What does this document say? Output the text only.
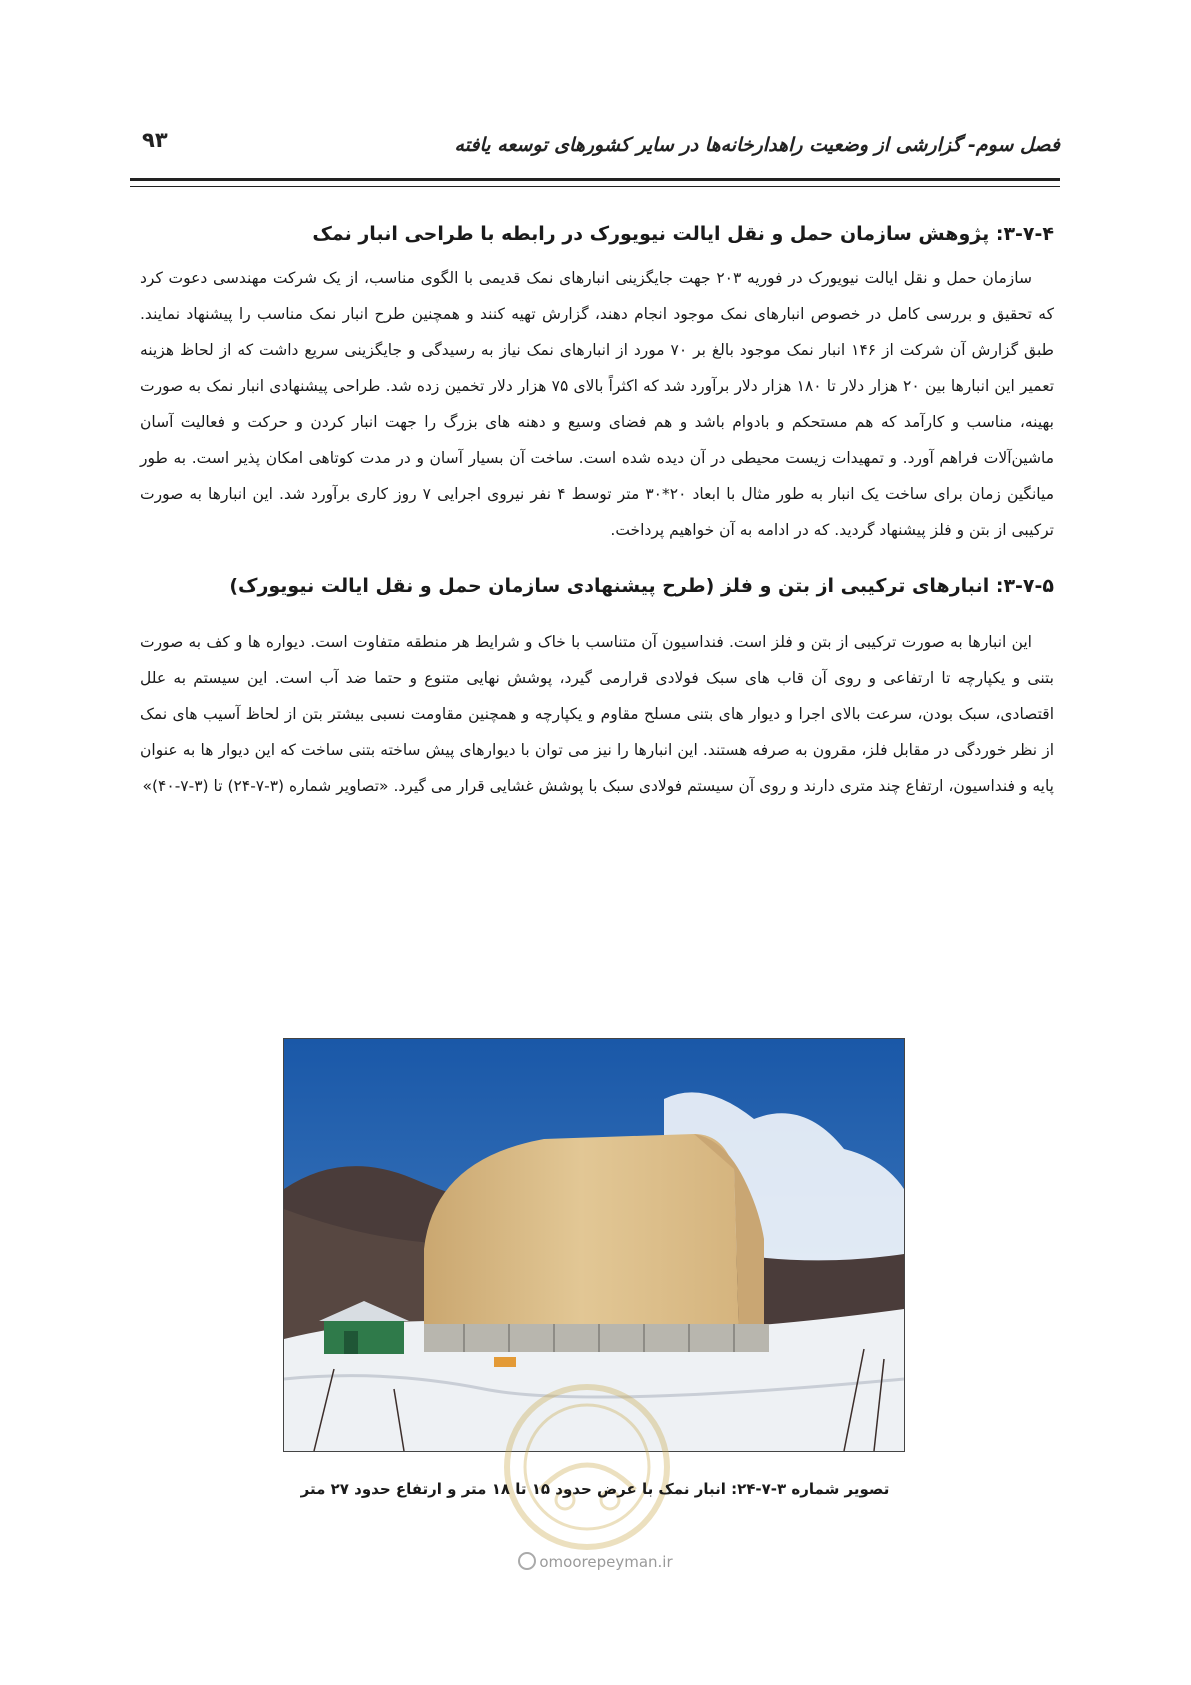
فصل سوم- گزارشی از وضعیت راهدارخانه‌ها در سایر کشورهای توسعه یافته
۹۳
۳-۷-۴: پژوهش سازمان حمل و نقل ایالت نیویورک در رابطه با طراحی انبار نمک

سازمان حمل و نقل ایالت نیویورک در فوریه ۲۰۳ جهت جایگزینی انبارهای نمک قدیمی با الگوی مناسب، از یک شرکت مهندسی دعوت کرد که تحقیق و بررسی کامل در خصوص انبارهای نمک موجود انجام دهند، گزارش تهیه کنند و همچنین طرح انبار نمک مناسب را پیشنهاد نمایند. طبق گزارش آن شرکت از ۱۴۶ انبار نمک موجود بالغ بر ۷۰ مورد از انبارهای نمک نیاز به رسیدگی و جایگزینی سریع داشت که از لحاظ هزینه تعمیر این انبارها بین ۲۰ هزار دلار تا ۱۸۰ هزار دلار برآورد شد که اکثراً بالای ۷۵ هزار دلار تخمین زده شد. طراحی پیشنهادی انبار نمک به صورت بهینه، مناسب و کارآمد که هم مستحکم و بادوام باشد و هم فضای وسیع و دهنه های بزرگ را جهت انبار کردن و حرکت و فعالیت آسان ماشین‌آلات فراهم آورد. و تمهیدات زیست محیطی در آن دیده شده است. ساخت آن بسیار آسان و در مدت کوتاهی امکان پذیر است. به طور میانگین زمان برای ساخت یک انبار به طور مثال با ابعاد ۲۰*۳۰ متر توسط ۴ نفر نیروی اجرایی ۷ روز کاری برآورد شد. این انبارها به صورت ترکیبی از بتن و فلز پیشنهاد گردید. که در ادامه به آن خواهیم پرداخت.

۳-۷-۵: انبارهای ترکیبی از بتن و فلز (طرح پیشنهادی سازمان حمل و نقل ایالت نیویورک)

این انبارها به صورت ترکیبی از بتن و فلز است. فنداسیون آن متناسب با خاک و شرایط هر منطقه متفاوت است. دیواره ها و کف به صورت بتنی و یکپارچه تا ارتفاعی و روی آن قاب های سبک فولادی قرارمی گیرد، پوشش نهایی متنوع و حتما ضد آب است. این سیستم به علل اقتصادی، سبک بودن، سرعت بالای اجرا و دیوار های بتنی مسلح مقاوم و یکپارچه و همچنین مقاومت نسبی بیشتر بتن از لحاظ آسیب های نمک از نظر خوردگی در مقابل فلز، مقرون به صرفه هستند. این انبارها را نیز می توان با دیوارهای پیش ساخته بتنی ساخت که این دیوار ها به عنوان پایه و فنداسیون، ارتفاع چند متری دارند و روی آن سیستم فولادی سبک با پوشش غشایی قرار می گیرد. «تصاویر شماره (۳-۷-۲۴) تا (۳-۷-۴۰)»

تصویر شماره ۳-۷-۲۴: انبار نمک با عرض حدود ۱۵ تا ۱۸ متر و ارتفاع حدود ۲۷ متر
omoorepeyman.ir
